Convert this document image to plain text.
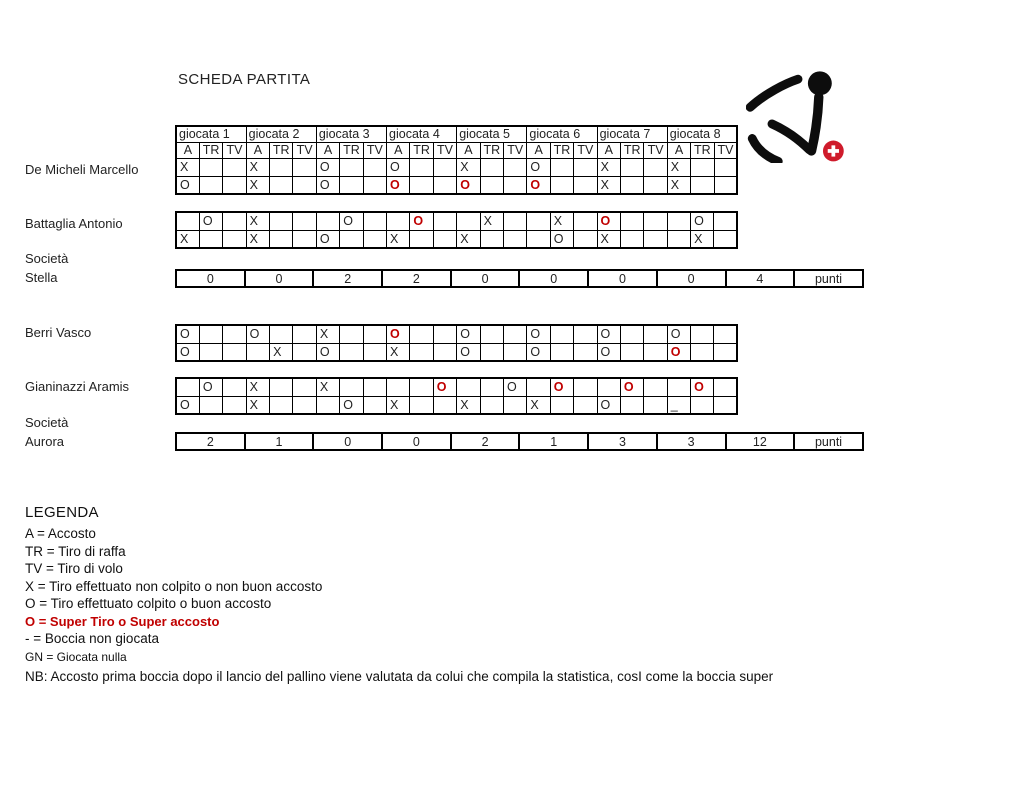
SCHEDA PARTITA
De Micheli Marcello
Battaglia Antonio
Società
Stella
Berri Vasco
Gianinazzi Aramis
Società
Aurora
giocata 1			giocata 2			giocata 3			giocata 4			giocata 5			giocata 6			giocata 7			giocata 8		
A	TR	TV	A	TR	TV	A	TR	TV	A	TR	TV	A	TR	TV	A	TR	TV	A	TR	TV	A	TR	TV
X			X			O			O			X			O			X			X		
O			X			O			O			O			O			X			X		
	O		X				O			O			X			X		O				O	
X			X			O			X			X				O		X				X	
0	0	2	2	0	0	0	0	4	punti
O			O			X			O			O			O			O			O		
O				X		O			X			O			O			O			O		
	O		X			X					O			O		O			O			O	
O			X				O		X			X			X			O			_		
2	1	0	0	2	1	3	3	12	punti
LEGENDA
A = Accosto
TR = Tiro di raffa
TV = Tiro di volo
X = Tiro effettuato non colpito o non buon accosto
O = Tiro effettuato colpito o buon accosto
O = Super Tiro o Super accosto
- = Boccia non giocata
GN = Giocata nulla
NB: Accosto prima boccia dopo il lancio del pallino viene valutata da colui che compila la statistica, cosI come la boccia super
